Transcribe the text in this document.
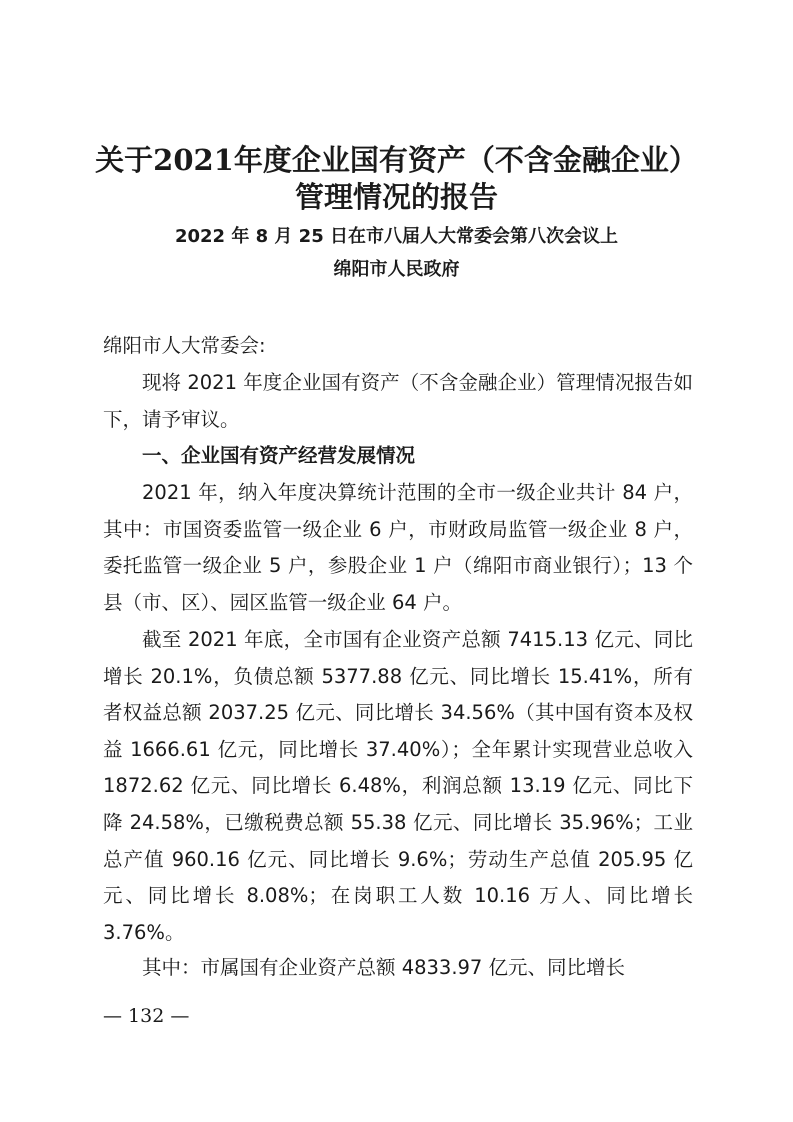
关于2021年度企业国有资产（不含金融企业）
管理情况的报告

2022 年 8 月 25 日在市八届人大常委会第八次会议上

绵阳市人民政府

绵阳市人大常委会:

现将 2021 年度企业国有资产（不含金融企业）管理情况报告如下，请予审议。

一、企业国有资产经营发展情况

2021 年，纳入年度决算统计范围的全市一级企业共计 84 户，其中：市国资委监管一级企业 6 户，市财政局监管一级企业 8 户，委托监管一级企业 5 户，参股企业 1 户（绵阳市商业银行）；13 个县（市、区）、园区监管一级企业 64 户。

截至 2021 年底，全市国有企业资产总额 7415.13 亿元、同比增长 20.1%，负债总额 5377.88 亿元、同比增长 15.41%，所有者权益总额 2037.25 亿元、同比增长 34.56%（其中国有资本及权益 1666.61 亿元，同比增长 37.40%）；全年累计实现营业总收入 1872.62 亿元、同比增长 6.48%，利润总额 13.19 亿元、同比下降 24.58%，已缴税费总额 55.38 亿元、同比增长 35.96%；工业总产值 960.16 亿元、同比增长 9.6%；劳动生产总值 205.95 亿元、同比增长 8.08%；在岗职工人数 10.16 万人、同比增长 3.76%。

其中：市属国有企业资产总额 4833.97 亿元、同比增长

— 132 —
